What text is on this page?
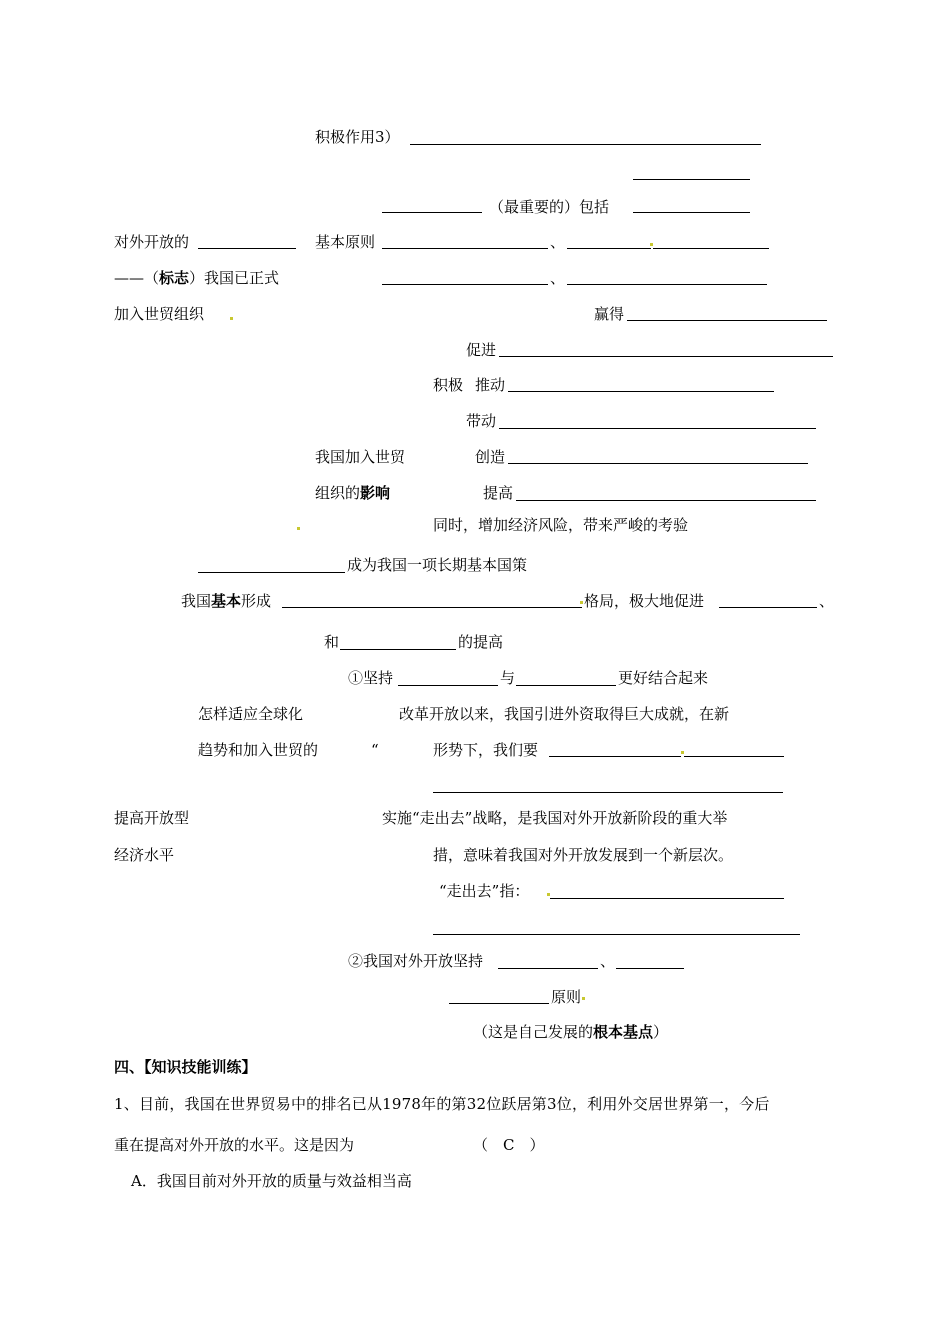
积极作用3）
（最重要的）包括
对外开放的	基本原则	、
——（标志）我国已正式	、
加入世贸组织	赢得
促进
积极 推动
带动
我国加入世贸	创造
组织的影响	提高
同时，增加经济风险，带来严峻的考验
成为我国一项长期基本国策
我国基本形成	格局，极大地促进	、
和	的提高
①坚持	与	更好结合起来
怎样适应全球化	改革开放以来，我国引进外资取得巨大成就，在新
趋势和加入世贸的	“	形势下，我们要
提高开放型	实施“走出去”战略，是我国对外开放新阶段的重大举
经济水平	措，意味着我国对外开放发展到一个新层次。
“走出去”指：
②我国对外开放坚持	、
原则
（这是自己发展的根本基点）
四、【知识技能训练】
1、目前，我国在世界贸易中的排名已从1978年的第32位跃居第3位，利用外交居世界第一，今后
重在提高对外开放的水平。这是因为	（　C　）
A．我国目前对外开放的质量与效益相当高
